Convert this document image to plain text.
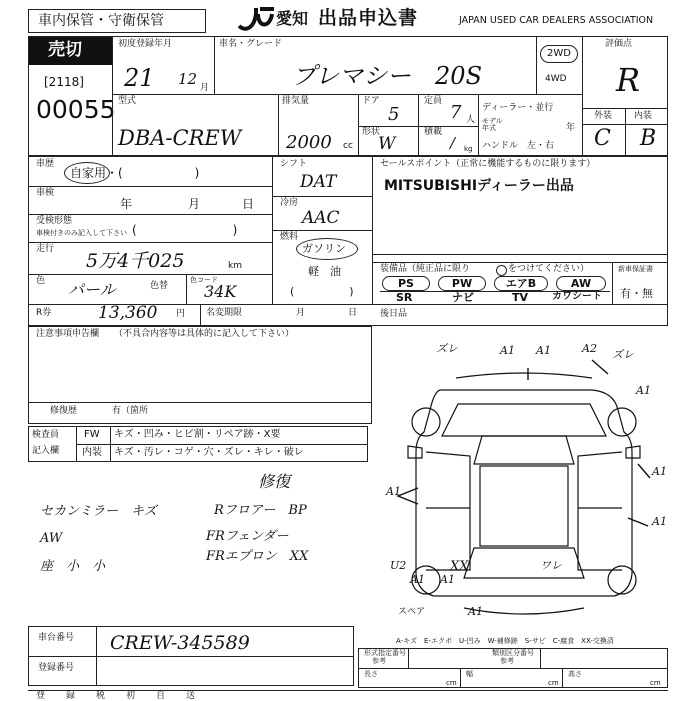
車内保管・守衛保管	愛知 出品申込書	JAPAN USED CAR DEALERS ASSOCIATION
売切
[2118]
00055
初度登録年月	車名・グレード
21 12 月	プレマシー　20S
2WD
4WD
評価点
R
型式
DBA-CREW
排気量
2000 cc
ドア
5
定員
7 人
形状
W
積載
/ kg
ディーラー・並行
モデル年式	年
ハンドル　左・右
外装 内装
C B
車歴
自家用・(　　　　　　)
車検
年	月	日
受検形態
車検付きのみ記入して下さい (　　　　　　　　)
走行
5万4千025	km
色 パール	色替
色コード
34K
シフト
DAT
冷房
AAC
燃料
ガソリン
軽　油
(　　　　　)
R券	13,360 円 名変期限	月	日	後日品
セールスポイント（正常に機能するものに限ります）
MITSUBISHIディーラー出品
装備品（純正品に限り	をつけてください）	新車保証書
有・無
PS	PW	エアB	AW
SR	ナビ	TV カワシート
注意事項申告欄 （不具合内容等は具体的に記入して下さい）
修復歴	有（箇所
検査員
記入欄
FW キズ・凹み・ヒビ割・リペア跡・X要
内装 キズ・汚レ・コゲ・穴・ズレ・キレ・破レ
修復
セカンミラー　キズ
AW
座　小　小
Rフロアー　BP
FRフェンダー
FRエプロン　XX
ズレ	A1 A1	A2 ズレ
A1
A1
A1
A1
A1
XX	ワレ
A1
U2
A1
スペア
A-キズ　E-エクボ　U-凹み　W-補修跡　S-サビ　C-腐食　XX-交換済
車台番号 CREW-345589
登録番号
形式指定番号
参考
類別区分番号
参考
長さ
cm
幅
cm
高さ
cm
登 録 税 初 自 送
